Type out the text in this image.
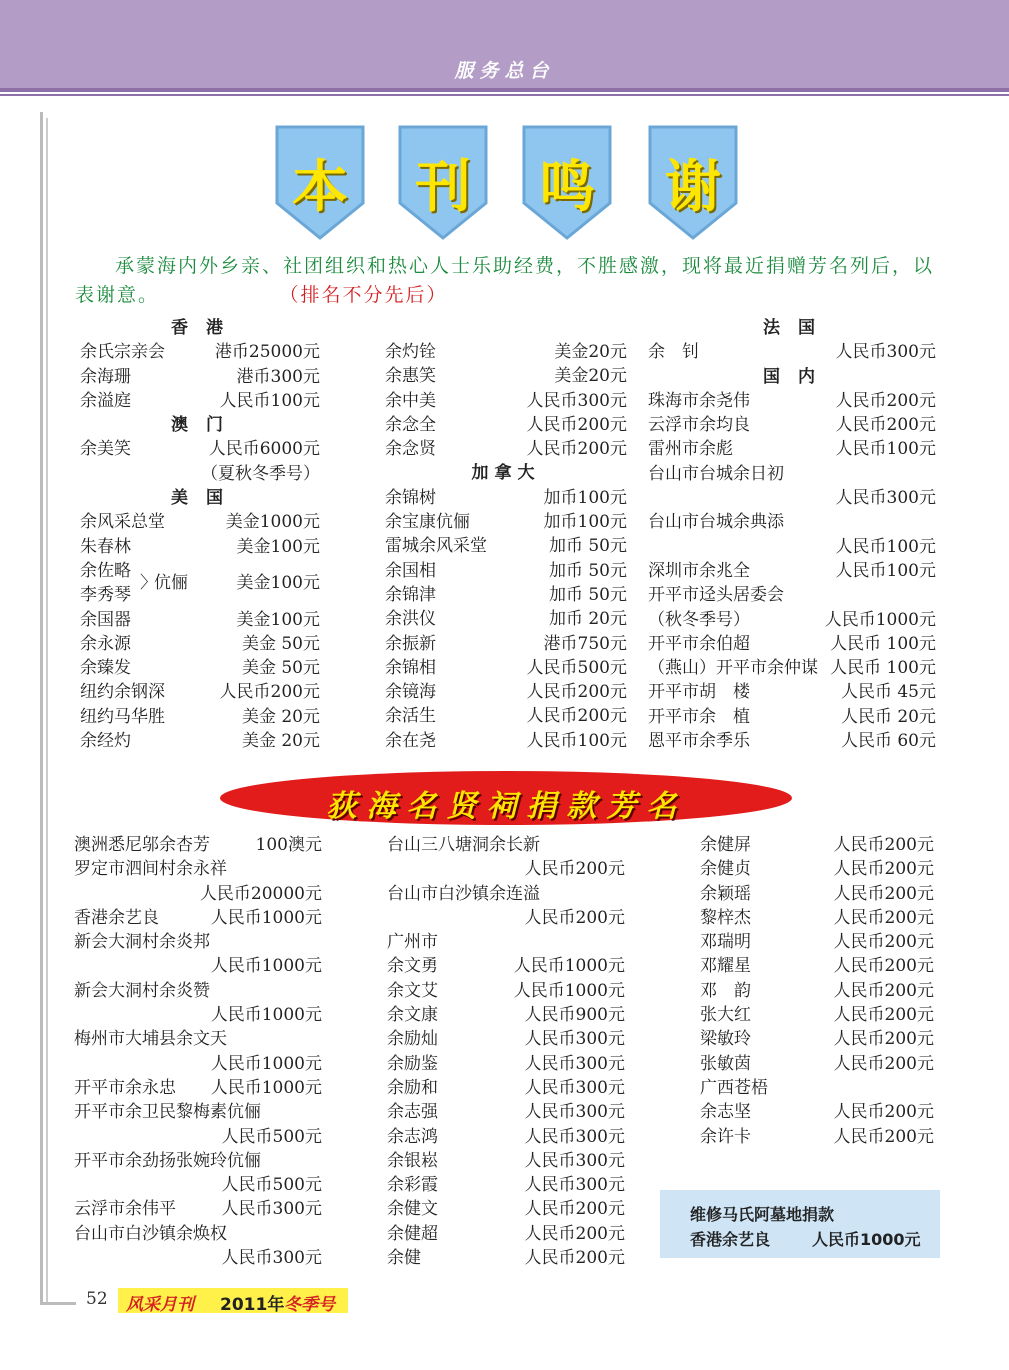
服务总台
本	刊	鸣	谢
承蒙海内外乡亲、社团组织和热心人士乐助经费，不胜感激，现将最近捐赠芳名列后，以表谢意。	（排名不分先后）
香 港
余氏宗亲会	港币25000元
余海珊	港币300元
余溢庭	人民币100元
澳 门
余美笑	人民币6000元
（夏秋冬季号）
美 国
余风采总堂	美金1000元
朱春林	美金100元
余佐略
李秀琴
〉
伉俪	美金100元
余国器	美金100元
余永源	美金 50元
余臻发	美金 50元
纽约余钢深	人民币200元
纽约马华胜	美金 20元
余经灼	美金 20元
余灼铨	美金20元
余惠笑	美金20元
余中美	人民币300元
余念全	人民币200元
余念贤	人民币200元
加拿大
余锦树	加币100元
余宝康伉俪	加币100元
雷城余风采堂	加币 50元
余国相	加币 50元
余锦津	加币 50元
余洪仪	加币 20元
余振新	港币750元
余锦相	人民币500元
余镜海	人民币200元
余活生	人民币200元
余在尧	人民币100元
法 国
余　钊	人民币300元
国 内
珠海市余尧伟	人民币200元
云浮市余均良	人民币200元
雷州市余彪	人民币100元
台山市台城余日初
人民币300元
台山市台城余典添
人民币100元
深圳市余兆全	人民币100元
开平市迳头居委会
（秋冬季号）	人民币1000元
开平市余伯超	人民币 100元
（燕山）开平市余仲谋 人民币 100元
开平市胡　楼	人民币 45元
开平市余　植	人民币 20元
恩平市余季乐	人民币 60元
荻海名贤祠捐款芳名
澳洲悉尼邬余杏芳	100澳元
罗定市泗间村余永祥
人民币20000元
香港余艺良	人民币1000元
新会大洞村余炎邦
人民币1000元
新会大洞村余炎赞
人民币1000元
梅州市大埔县余文天
人民币1000元
开平市余永忠 人民币1000元
开平市余卫民黎梅素伉俪
人民币500元
开平市余劲扬张婉玲伉俪
人民币500元
云浮市余伟平	人民币300元
台山市白沙镇余焕权
人民币300元
台山三八塘洞余长新
人民币200元
台山市白沙镇余连溢
人民币200元
广州市
余文勇	人民币1000元
余文艾	人民币1000元
余文康	人民币900元
余励灿	人民币300元
余励鉴	人民币300元
余励和	人民币300元
余志强	人民币300元
余志鸿	人民币300元
余银崧	人民币300元
余彩霞	人民币300元
余健文	人民币200元
余健超	人民币200元
余健	人民币200元
余健屏	人民币200元
余健贞	人民币200元
余颖瑶	人民币200元
黎梓杰	人民币200元
邓瑞明	人民币200元
邓耀星	人民币200元
邓　韵	人民币200元
张大红	人民币200元
梁敏玲	人民币200元
张敏茵	人民币200元
广西苍梧
余志坚	人民币200元
余许卡	人民币200元
维修马氏阿墓地捐款
香港余艺良	人民币1000元
52 风采月刊 2011年 冬季号
